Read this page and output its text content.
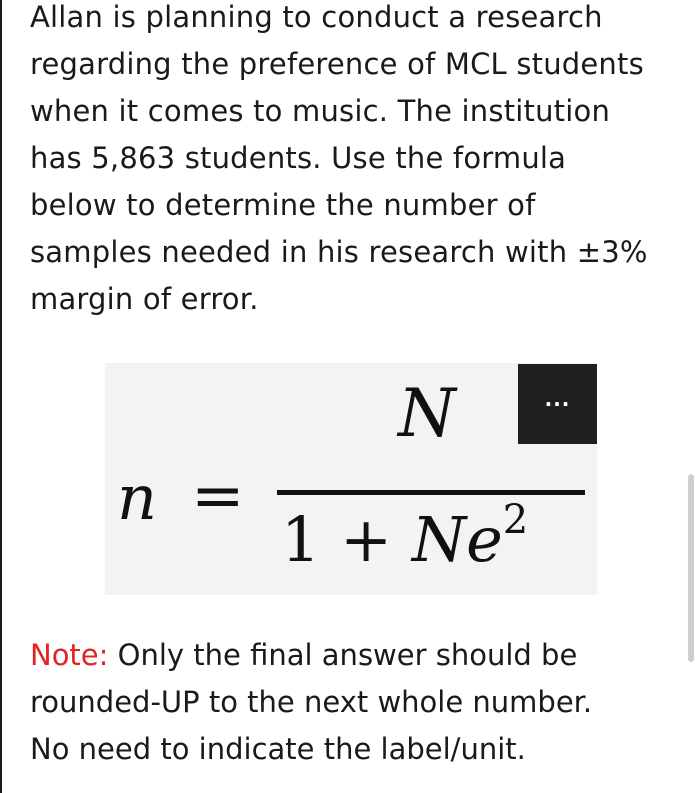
Allan is planning to conduct a research
regarding the preference of MCL students
when it comes to music. The institution
has 5,863 students. Use the formula
below to determine the number of
samples needed in his research with ±3%
margin of error.

n =
N
$1 + Ne^2$
...

Note: Only the final answer should be
rounded-UP to the next whole number.
No need to indicate the label/unit.
